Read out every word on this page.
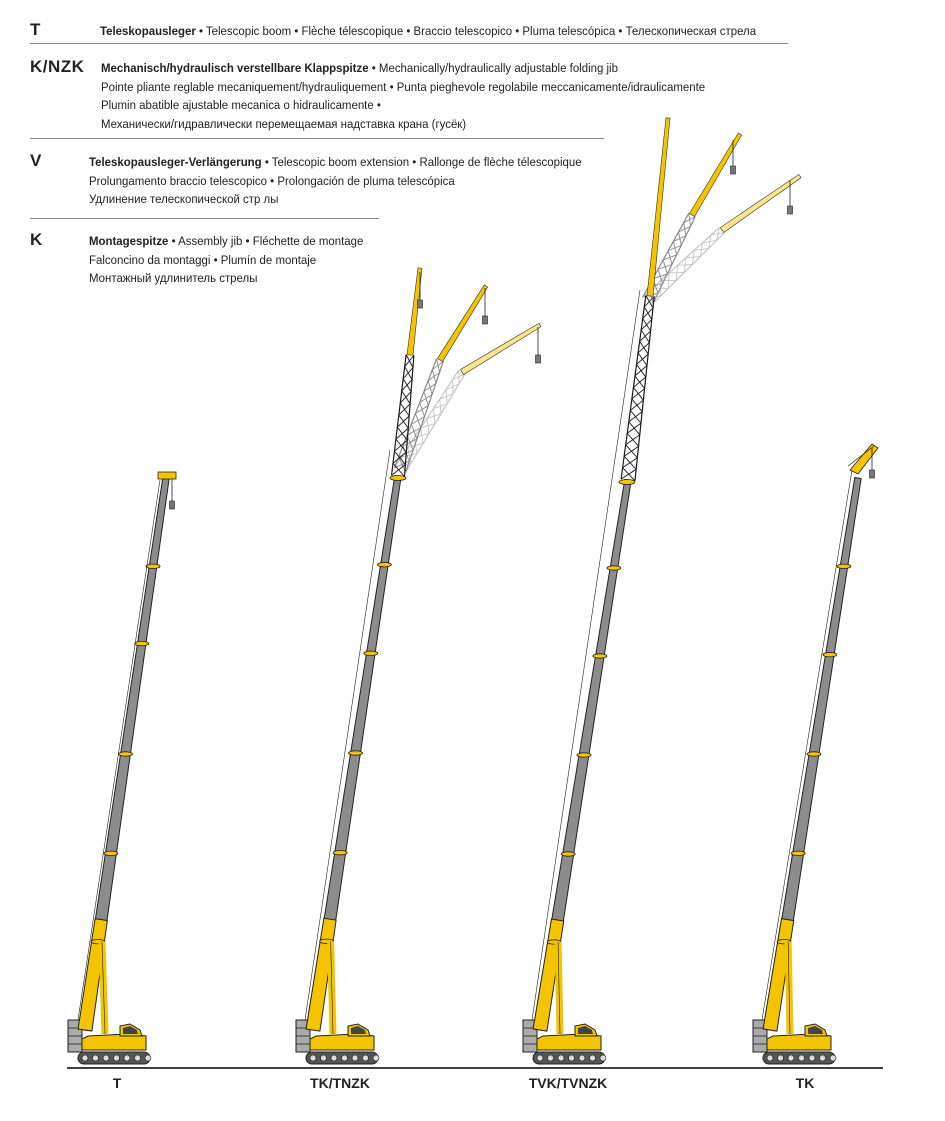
T	Teleskopausleger • Telescopic boom • Flèche télescopique • Braccio telescopico • Pluma telescópica • Телескопическая стрела
K/NZK Mechanisch/hydraulisch verstellbare Klappspitze • Mechanically/hydraulically adjustable folding jib
Pointe pliante reglable mecaniquement/hydrauliquement • Punta pieghevole regolabile meccanicamente/idraulicamente
Plumin abatible ajustable mecanica o hidraulicamente •
Механически/гидравлически перемещаемая надставка крана (гусёк)
V	Teleskopausleger-Verlängerung • Telescopic boom extension • Rallonge de flèche télescopique
Prolungamento braccio telescopico • Prolongación de pluma telescópica
Удлинение телескопической стр лы
K	Montagespitze • Assembly jib • Fléchette de montage
Falconcino da montaggi • Plumín de montaje
Монтажный удлинитель стрелы
T	TK/TNZK	TVK/TVNZK	TK
